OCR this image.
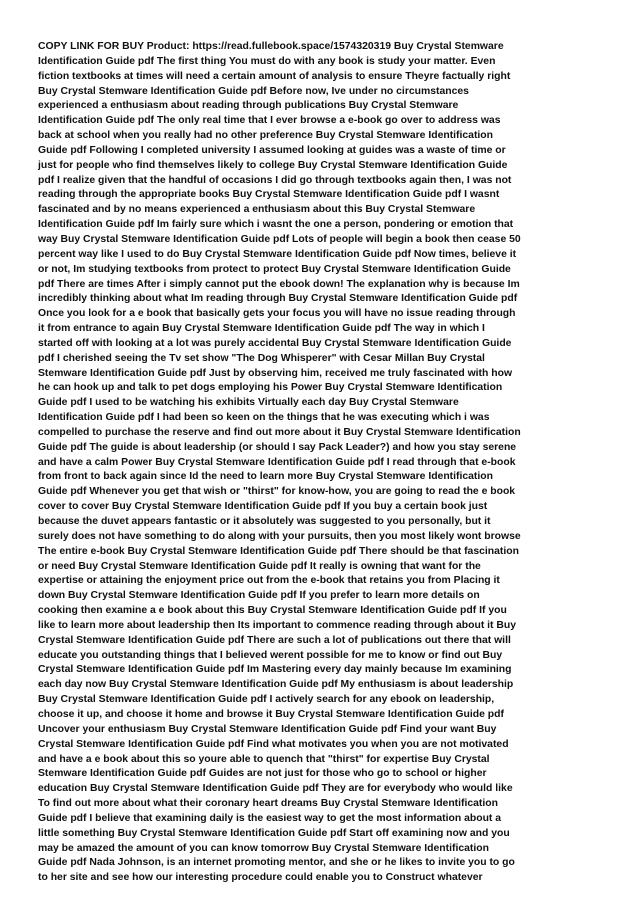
COPY LINK FOR BUY Product: https://read.fullebook.space/1574320319 Buy Crystal Stemware
Identification Guide pdf The first thing You must do with any book is study your matter. Even
fiction textbooks at times will need a certain amount of analysis to ensure Theyre factually right
Buy Crystal Stemware Identification Guide pdf Before now, Ive under no circumstances
experienced a enthusiasm about reading through publications Buy Crystal Stemware
Identification Guide pdf The only real time that I ever browse a e-book go over to address was
back at school when you really had no other preference Buy Crystal Stemware Identification
Guide pdf Following I completed university I assumed looking at guides was a waste of time or
just for people who find themselves likely to college Buy Crystal Stemware Identification Guide
pdf I realize given that the handful of occasions I did go through textbooks again then, I was not
reading through the appropriate books Buy Crystal Stemware Identification Guide pdf I wasnt
fascinated and by no means experienced a enthusiasm about this Buy Crystal Stemware
Identification Guide pdf Im fairly sure which i wasnt the one a person, pondering or emotion that
way Buy Crystal Stemware Identification Guide pdf Lots of people will begin a book then cease 50
percent way like I used to do Buy Crystal Stemware Identification Guide pdf Now times, believe it
or not, Im studying textbooks from protect to protect Buy Crystal Stemware Identification Guide
pdf There are times After i simply cannot put the ebook down! The explanation why is because Im
incredibly thinking about what Im reading through Buy Crystal Stemware Identification Guide pdf
Once you look for a e book that basically gets your focus you will have no issue reading through
it from entrance to again Buy Crystal Stemware Identification Guide pdf The way in which I
started off with looking at a lot was purely accidental Buy Crystal Stemware Identification Guide
pdf I cherished seeing the Tv set show "The Dog Whisperer" with Cesar Millan Buy Crystal
Stemware Identification Guide pdf Just by observing him, received me truly fascinated with how
he can hook up and talk to pet dogs employing his Power Buy Crystal Stemware Identification
Guide pdf I used to be watching his exhibits Virtually each day Buy Crystal Stemware
Identification Guide pdf I had been so keen on the things that he was executing which i was
compelled to purchase the reserve and find out more about it Buy Crystal Stemware Identification
Guide pdf The guide is about leadership (or should I say Pack Leader?) and how you stay serene
and have a calm Power Buy Crystal Stemware Identification Guide pdf I read through that e-book
from front to back again since Id the need to learn more Buy Crystal Stemware Identification
Guide pdf Whenever you get that wish or "thirst" for know-how, you are going to read the e book
cover to cover Buy Crystal Stemware Identification Guide pdf If you buy a certain book just
because the duvet appears fantastic or it absolutely was suggested to you personally, but it
surely does not have something to do along with your pursuits, then you most likely wont browse
The entire e-book Buy Crystal Stemware Identification Guide pdf There should be that fascination
or need Buy Crystal Stemware Identification Guide pdf It really is owning that want for the
expertise or attaining the enjoyment price out from the e-book that retains you from Placing it
down Buy Crystal Stemware Identification Guide pdf If you prefer to learn more details on
cooking then examine a e book about this Buy Crystal Stemware Identification Guide pdf If you
like to learn more about leadership then Its important to commence reading through about it Buy
Crystal Stemware Identification Guide pdf There are such a lot of publications out there that will
educate you outstanding things that I believed werent possible for me to know or find out Buy
Crystal Stemware Identification Guide pdf Im Mastering every day mainly because Im examining
each day now Buy Crystal Stemware Identification Guide pdf My enthusiasm is about leadership
Buy Crystal Stemware Identification Guide pdf I actively search for any ebook on leadership,
choose it up, and choose it home and browse it Buy Crystal Stemware Identification Guide pdf
Uncover your enthusiasm Buy Crystal Stemware Identification Guide pdf Find your want Buy
Crystal Stemware Identification Guide pdf Find what motivates you when you are not motivated
and have a e book about this so youre able to quench that "thirst" for expertise Buy Crystal
Stemware Identification Guide pdf Guides are not just for those who go to school or higher
education Buy Crystal Stemware Identification Guide pdf They are for everybody who would like
To find out more about what their coronary heart dreams Buy Crystal Stemware Identification
Guide pdf I believe that examining daily is the easiest way to get the most information about a
little something Buy Crystal Stemware Identification Guide pdf Start off examining now and you
may be amazed the amount of you can know tomorrow Buy Crystal Stemware Identification
Guide pdf Nada Johnson, is an internet promoting mentor, and she or he likes to invite you to go
to her site and see how our interesting procedure could enable you to Construct whatever
